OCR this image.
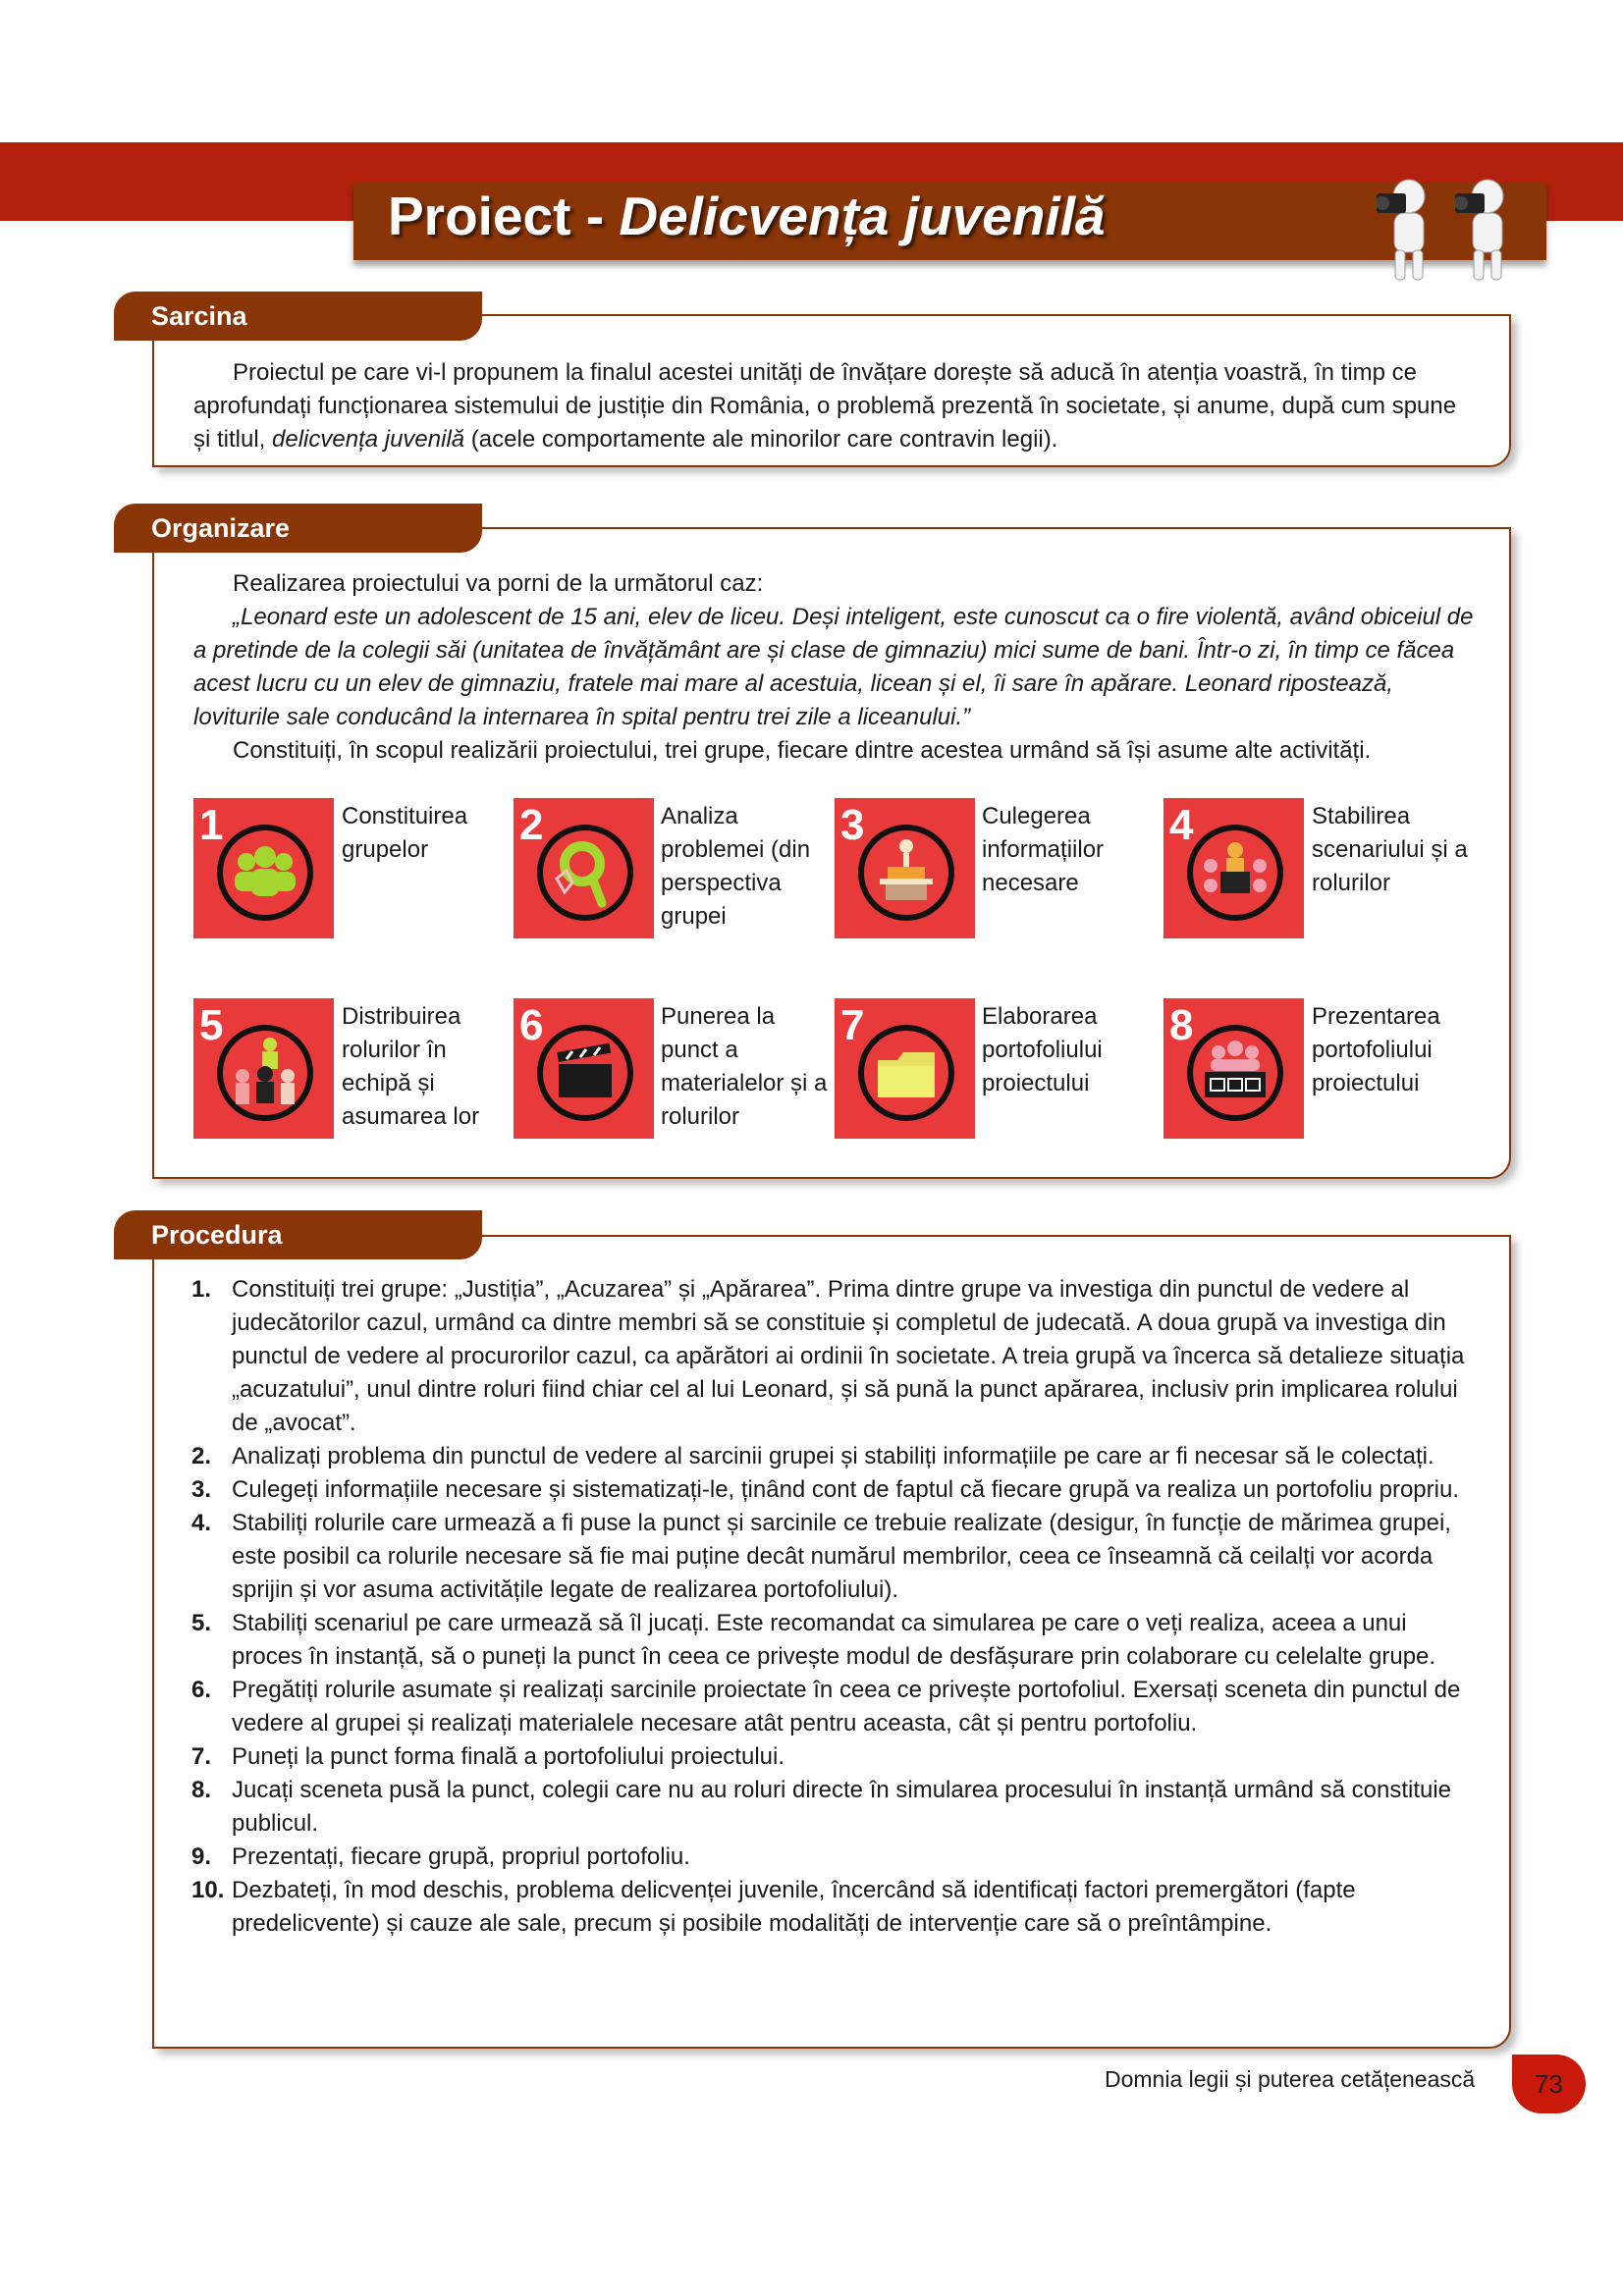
Proiect - Delicvența juvenilă
Sarcina

Proiectul pe care vi-l propunem la finalul acestei unități de învățare dorește să aducă în atenția voastră, în timp ce aprofundați funcționarea sistemului de justiție din România, o problemă prezentă în societate, și anume, după cum spune și titlul, delicvența juvenilă (acele comportamente ale minorilor care contravin legii).

Organizare

Realizarea proiectului va porni de la următorul caz:

„Leonard este un adolescent de 15 ani, elev de liceu. Deși inteligent, este cunoscut ca o fire violentă, având obiceiul de a pretinde de la colegii săi (unitatea de învățământ are și clase de gimnaziu) mici sume de bani. Într-o zi, în timp ce făcea acest lucru cu un elev de gimnaziu, fratele mai mare al acestuia, licean și el, îi sare în apărare. Leonard ripostează, loviturile sale conducând la internarea în spital pentru trei zile a liceanului.”

Constituiți, în scopul realizării proiectului, trei grupe, fiecare dintre acestea urmând să își asume alte activități.

1	Constituirea grupelor
2	Analiza problemei (din perspectiva grupei
3	Culegerea informațiilor necesare
4	Stabilirea scenariului și a rolurilor
5	Distribuirea rolurilor în echipă și asumarea lor
6	Punerea la punct a materialelor și a rolurilor
7	Elaborarea portofoliului proiectului
8	Prezentarea portofoliului proiectului
Procedura
1. Constituiți trei grupe: „Justiția”, „Acuzarea” și „Apărarea”. Prima dintre grupe va investiga din punctul de vedere al judecătorilor cazul, urmând ca dintre membri să se constituie și completul de judecată. A doua grupă va investiga din punctul de vedere al procurorilor cazul, ca apărători ai ordinii în societate. A treia grupă va încerca să detalieze situația „acuzatului”, unul dintre roluri fiind chiar cel al lui Leonard, și să pună la punct apărarea, inclusiv prin implicarea rolului de „avocat”.
2. Analizați problema din punctul de vedere al sarcinii grupei și stabiliți informațiile pe care ar fi necesar să le colectați.
3. Culegeți informațiile necesare și sistematizați-le, ținând cont de faptul că fiecare grupă va realiza un portofoliu propriu.
4. Stabiliți rolurile care urmează a fi puse la punct și sarcinile ce trebuie realizate (desigur, în funcție de mărimea grupei, este posibil ca rolurile necesare să fie mai puține decât numărul membrilor, ceea ce înseamnă că ceilalți vor acorda sprijin și vor asuma activitățile legate de realizarea portofoliului).
5. Stabiliți scenariul pe care urmează să îl jucați. Este recomandat ca simularea pe care o veți realiza, aceea a unui proces în instanță, să o puneți la punct în ceea ce privește modul de desfășurare prin colaborare cu celelalte grupe.
6. Pregătiți rolurile asumate și realizați sarcinile proiectate în ceea ce privește portofoliul. Exersați sceneta din punctul de vedere al grupei și realizați materialele necesare atât pentru aceasta, cât și pentru portofoliu.
7. Puneți la punct forma finală a portofoliului proiectului.
8. Jucați sceneta pusă la punct, colegii care nu au roluri directe în simularea procesului în instanță urmând să constituie publicul.
9. Prezentați, fiecare grupă, propriul portofoliu.
10. Dezbateți, în mod deschis, problema delicvenței juvenile, încercând să identificați factori premergători (fapte predelicvente) și cauze ale sale, precum și posibile modalități de intervenție care să o preîntâmpine.
Domnia legii și puterea cetățenească	73
